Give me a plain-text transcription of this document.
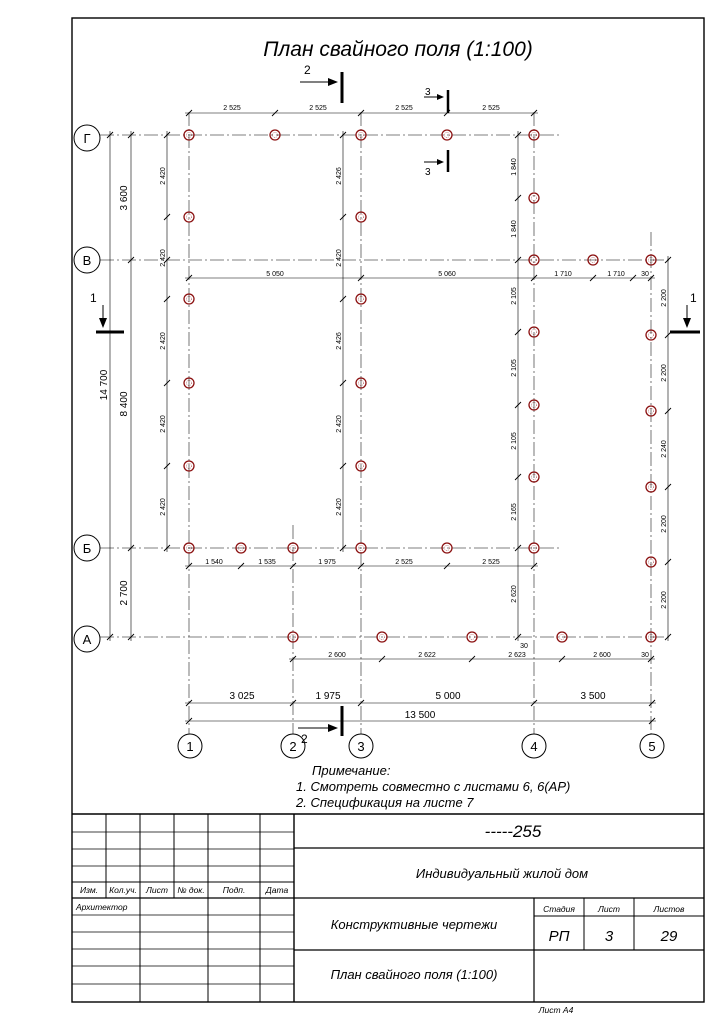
План свайного поля (1:100)
Г
В
Б
А
1	2	3	4	5
1	1
2
2
3
3
2 525	2 525	2 525	2 525
5 050	5 060	1 710	1 710 30
1 540	1 535	1 975	2 525	2 525
2 600	2 622	2 623	2 600	30
3 025	1 975	5 000	3 500
13 500
14 700
3 600
8 400
2 700
2 420
2 420
2 420
2 420
2 420
2 426
2 420
2 426
2 420
2 420
1 840
1 840
2 105
2 105
2 105
2 165
2 620
30
2 200
2 200
2 240
2 200
2 200
Примечание:
1. Смотреть совместно с листами 6, 6(АР)
2. Спецификация на листе 7
-----255
Индивидуальный жилой дом
Изм. Кол.уч. Лист № док. Подп. Дата
Архитектор
Конструктивные чертежи
План свайного поля (1:100)
Стадия	Лист	Листов
РП 3	29
Лист А4
